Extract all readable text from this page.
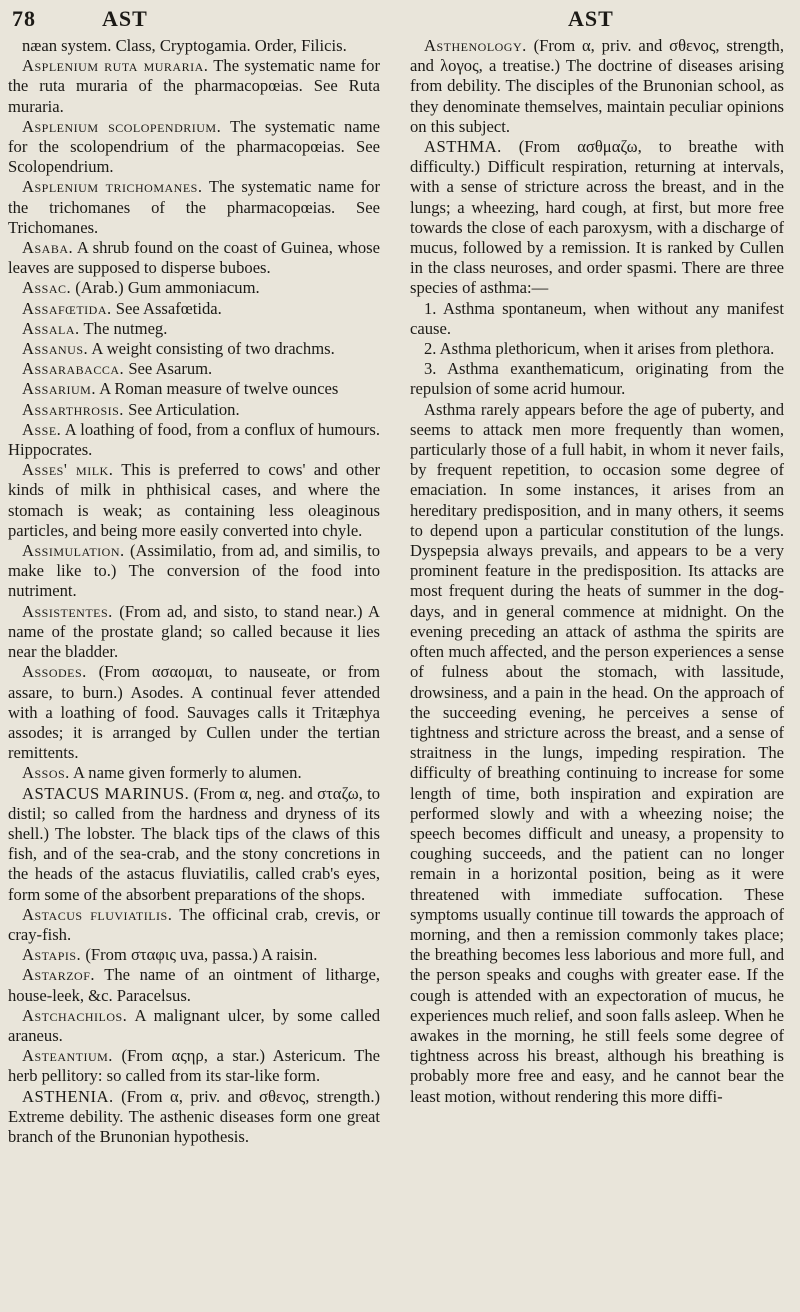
78	AST	AST

næan system. Class, Cryptogamia. Order, Filicis.

Asplenium ruta muraria. The systematic name for the ruta muraria of the pharmacopœias. See Ruta muraria.

Asplenium scolopendrium. The systematic name for the scolopendrium of the pharmacopœias. See Scolopendrium.

Asplenium trichomanes. The systematic name for the trichomanes of the pharmacopœias. See Trichomanes.

Asaba. A shrub found on the coast of Guinea, whose leaves are supposed to disperse buboes.

Assac. (Arab.) Gum ammoniacum.

Assafœtida. See Assafœtida.

Assala. The nutmeg.

Assanus. A weight consisting of two drachms.

Assarabacca. See Asarum.

Assarium. A Roman measure of twelve ounces

Assarthrosis. See Articulation.

Asse. A loathing of food, from a conflux of humours. Hippocrates.

Asses' milk. This is preferred to cows' and other kinds of milk in phthisical cases, and where the stomach is weak; as containing less oleaginous particles, and being more easily converted into chyle.

Assimulation. (Assimilatio, from ad, and similis, to make like to.) The conversion of the food into nutriment.

Assistentes. (From ad, and sisto, to stand near.) A name of the prostate gland; so called because it lies near the bladder.

Assodes. (From ασαομαι, to nauseate, or from assare, to burn.) Asodes. A continual fever attended with a loathing of food. Sauvages calls it Tritæphya assodes; it is arranged by Cullen under the tertian remittents.

Assos. A name given formerly to alumen.

ASTACUS MARINUS. (From α, neg. and σταζω, to distil; so called from the hardness and dryness of its shell.) The lobster. The black tips of the claws of this fish, and of the sea-crab, and the stony concretions in the heads of the astacus fluviatilis, called crab's eyes, form some of the absorbent preparations of the shops.

Astacus fluviatilis. The officinal crab, crevis, or cray-fish.

Astapis. (From σταφις uva, passa.) A raisin.

Astarzof. The name of an ointment of litharge, house-leek, &c. Paracelsus.

Astchachilos. A malignant ulcer, by some called araneus.

Asteantium. (From αςηρ, a star.) Astericum. The herb pellitory: so called from its star-like form.

ASTHENIA. (From α, priv. and σθενος, strength.) Extreme debility. The asthenic diseases form one great branch of the Brunonian hypothesis.

Asthenology. (From α, priv. and σθενος, strength, and λογος, a treatise.) The doctrine of diseases arising from debility. The disciples of the Brunonian school, as they denominate themselves, maintain peculiar opinions on this subject.

ASTHMA. (From ασθμαζω, to breathe with difficulty.) Difficult respiration, returning at intervals, with a sense of stricture across the breast, and in the lungs; a wheezing, hard cough, at first, but more free towards the close of each paroxysm, with a discharge of mucus, followed by a remission. It is ranked by Cullen in the class neuroses, and order spasmi. There are three species of asthma:—

1. Asthma spontaneum, when without any manifest cause.

2. Asthma plethoricum, when it arises from plethora.

3. Asthma exanthematicum, originating from the repulsion of some acrid humour.

Asthma rarely appears before the age of puberty, and seems to attack men more frequently than women, particularly those of a full habit, in whom it never fails, by frequent repetition, to occasion some degree of emaciation. In some instances, it arises from an hereditary predisposition, and in many others, it seems to depend upon a particular constitution of the lungs. Dyspepsia always prevails, and appears to be a very prominent feature in the predisposition. Its attacks are most frequent during the heats of summer in the dog-days, and in general commence at midnight. On the evening preceding an attack of asthma the spirits are often much affected, and the person experiences a sense of fulness about the stomach, with lassitude, drowsiness, and a pain in the head. On the approach of the succeeding evening, he perceives a sense of tightness and stricture across the breast, and a sense of straitness in the lungs, impeding respiration. The difficulty of breathing continuing to increase for some length of time, both inspiration and expiration are performed slowly and with a wheezing noise; the speech becomes difficult and uneasy, a propensity to coughing succeeds, and the patient can no longer remain in a horizontal position, being as it were threatened with immediate suffocation. These symptoms usually continue till towards the approach of morning, and then a remission commonly takes place; the breathing becomes less laborious and more full, and the person speaks and coughs with greater ease. If the cough is attended with an expectoration of mucus, he experiences much relief, and soon falls asleep. When he awakes in the morning, he still feels some degree of tightness across his breast, although his breathing is probably more free and easy, and he cannot bear the least motion, without rendering this more diffi-
